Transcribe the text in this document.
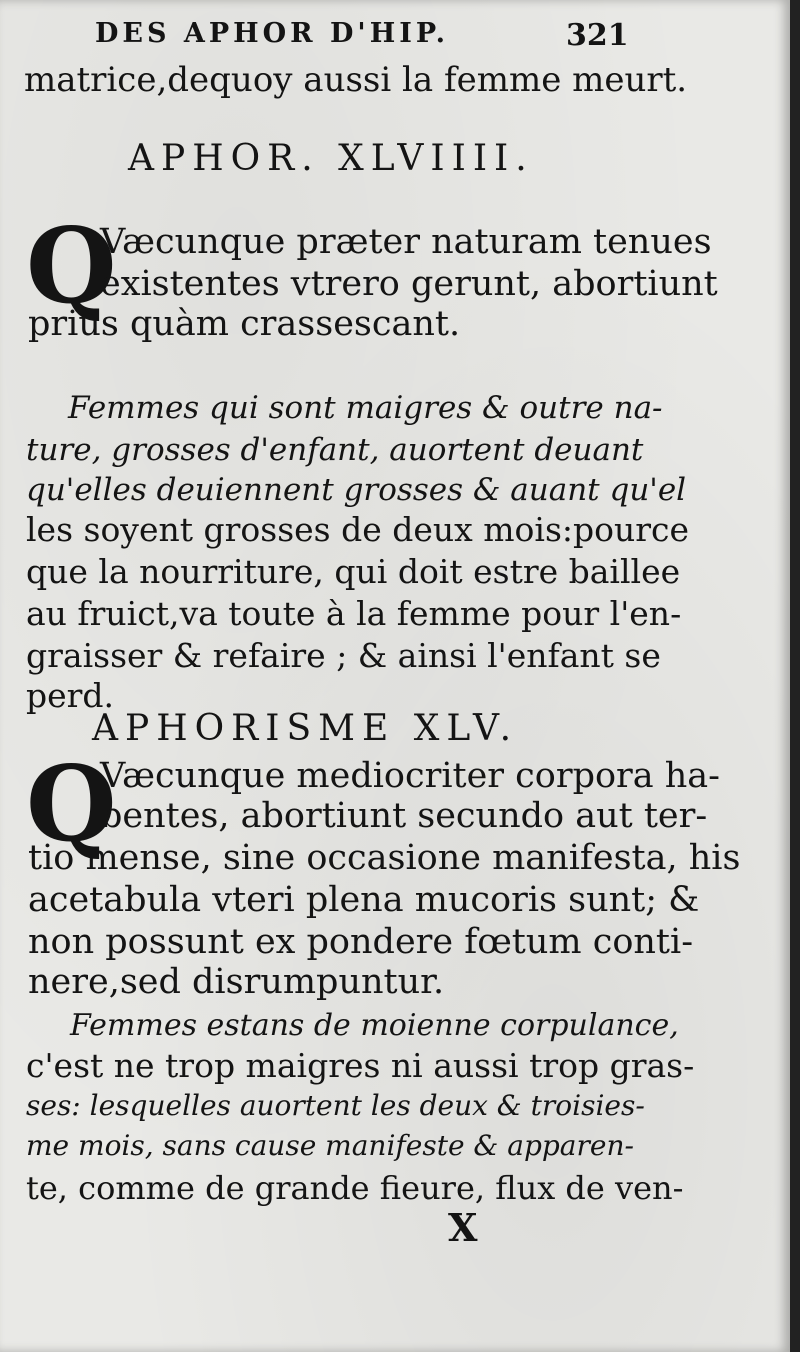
DES APHOR D'HIP.	321
matrice,dequoy aussi la femme meurt.
APHOR. XLVIIII.
Q
Væcunque præter naturam tenues
existentes vtrero gerunt, abortiunt
priùs quàm crassescant.
Femmes qui sont maigres & outre na-
ture, grosses d'enfant, auortent deuant
qu'elles deuiennent grosses & auant qu'el
les soyent grosses de deux mois:pource
que la nourriture, qui doit estre baillee
au fruict,va toute à la femme pour l'en-
graisser & refaire ; & ainsi l'enfant se
perd.
APHORISME XLV.
Q
Væcunque mediocriter corpora ha-
bentes, abortiunt secundo aut ter-
tio mense, sine occasione manifesta, his
acetabula vteri plena mucoris sunt; &
non possunt ex pondere fœtum conti-
nere,sed disrumpuntur.
Femmes estans de moienne corpulance,
c'est ne trop maigres ni aussi trop gras-
ses: lesquelles auortent les deux & troisies-
me mois, sans cause manifeste & apparen-
te, comme de grande fieure, flux de ven-
X
